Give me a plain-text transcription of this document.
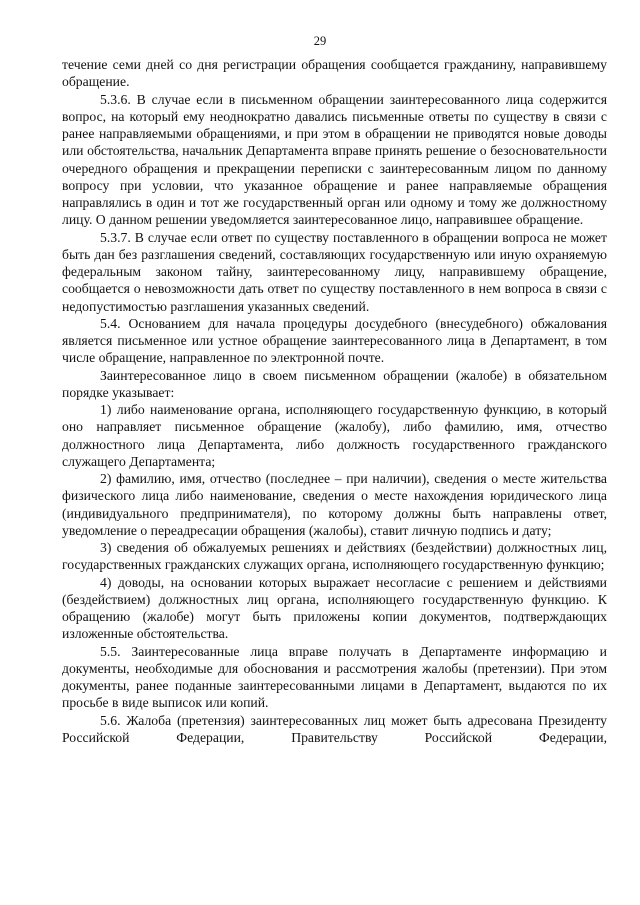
29

течение семи дней со дня регистрации обращения сообщается гражданину, направившему обращение.

5.3.6. В случае если в письменном обращении заинтересованного лица содержится вопрос, на который ему неоднократно давались письменные ответы по существу в связи с ранее направляемыми обращениями, и при этом в обращении не приводятся новые доводы или обстоятельства, начальник Департамента вправе принять решение о безосновательности очередного обращения и прекращении переписки с заинтересованным лицом по данному вопросу при условии, что указанное обращение и ранее направляемые обращения направлялись в один и тот же государственный орган или одному и тому же должностному лицу. О данном решении уведомляется заинтересованное лицо, направившее обращение.

5.3.7. В случае если ответ по существу поставленного в обращении вопроса не может быть дан без разглашения сведений, составляющих государственную или иную охраняемую федеральным законом тайну, заинтересованному лицу, направившему обращение, сообщается о невозможности дать ответ по существу поставленного в нем вопроса в связи с недопустимостью разглашения указанных сведений.

5.4. Основанием для начала процедуры досудебного (внесудебного) обжалования является письменное или устное обращение заинтересованного лица в Департамент, в том числе обращение, направленное по электронной почте.

Заинтересованное лицо в своем письменном обращении (жалобе) в обязательном порядке указывает:

1) либо наименование органа, исполняющего государственную функцию, в который оно направляет письменное обращение (жалобу), либо фамилию, имя, отчество должностного лица Департамента, либо должность государственного гражданского служащего Департамента;

2) фамилию, имя, отчество (последнее – при наличии), сведения о месте жительства физического лица либо наименование, сведения о месте нахождения юридического лица (индивидуального предпринимателя), по которому должны быть направлены ответ, уведомление о переадресации обращения (жалобы), ставит личную подпись и дату;

3) сведения об обжалуемых решениях и действиях (бездействии) должностных лиц, государственных гражданских служащих органа, исполняющего государственную функцию;

4) доводы, на основании которых выражает несогласие с решением и действиями (бездействием) должностных лиц органа, исполняющего государственную функцию. К обращению (жалобе) могут быть приложены копии документов, подтверждающих изложенные обстоятельства.

5.5. Заинтересованные лица вправе получать в Департаменте информацию и документы, необходимые для обоснования и рассмотрения жалобы (претензии). При этом документы, ранее поданные заинтересованными лицами в Департамент, выдаются по их просьбе в виде выписок или копий.

5.6. Жалоба (претензия) заинтересованных лиц может быть адресована Президенту Российской Федерации, Правительству Российской Федерации,
